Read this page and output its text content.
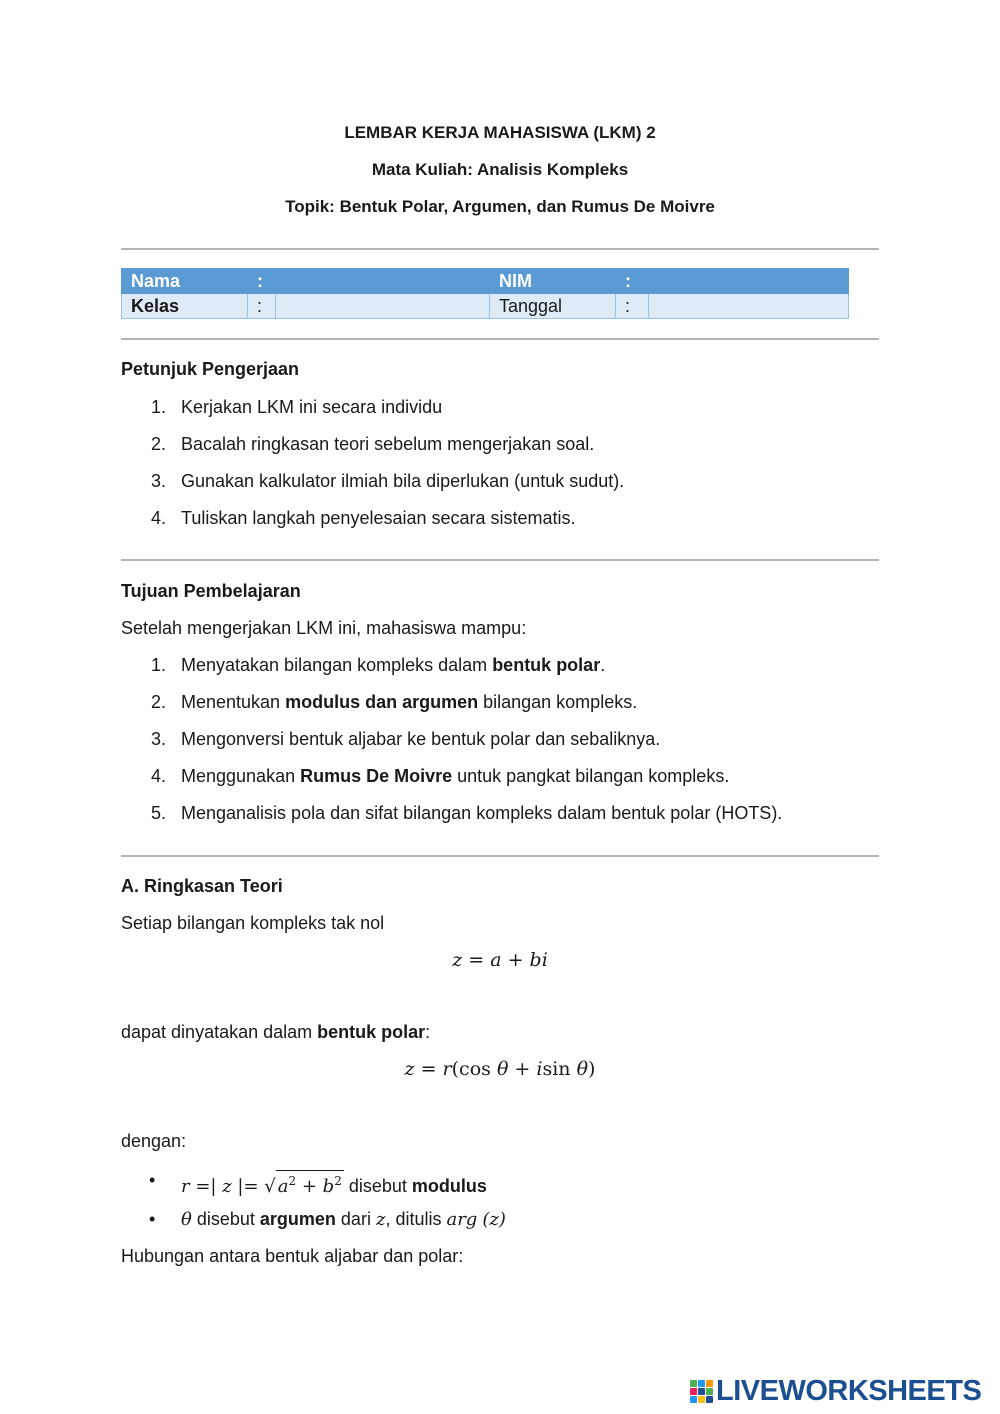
LEMBAR KERJA MAHASISWA (LKM) 2
Mata Kuliah: Analisis Kompleks
Topik: Bentuk Polar, Argumen, dan Rumus De Moivre
Nama	:		NIM	:	
Kelas	:		Tanggal	:	
Petunjuk Pengerjaan
1. Kerjakan LKM ini secara individu
2. Bacalah ringkasan teori sebelum mengerjakan soal.
3. Gunakan kalkulator ilmiah bila diperlukan (untuk sudut).
4. Tuliskan langkah penyelesaian secara sistematis.
Tujuan Pembelajaran
Setelah mengerjakan LKM ini, mahasiswa mampu:
1. Menyatakan bilangan kompleks dalam bentuk polar.
2. Menentukan modulus dan argumen bilangan kompleks.
3. Mengonversi bentuk aljabar ke bentuk polar dan sebaliknya.
4. Menggunakan Rumus De Moivre untuk pangkat bilangan kompleks.
5. Menganalisis pola dan sifat bilangan kompleks dalam bentuk polar (HOTS).
A. Ringkasan Teori
Setiap bilangan kompleks tak nol
z = a + bi
dapat dinyatakan dalam bentuk polar:
z = r(cos θ + isin θ)
dengan:
• r =| z |= √ $a^2 + b^2$ disebut modulus
• θ disebut argumen dari z, ditulis arg (z)
Hubungan antara bentuk aljabar dan polar:
LIVEWORKSHEETS
